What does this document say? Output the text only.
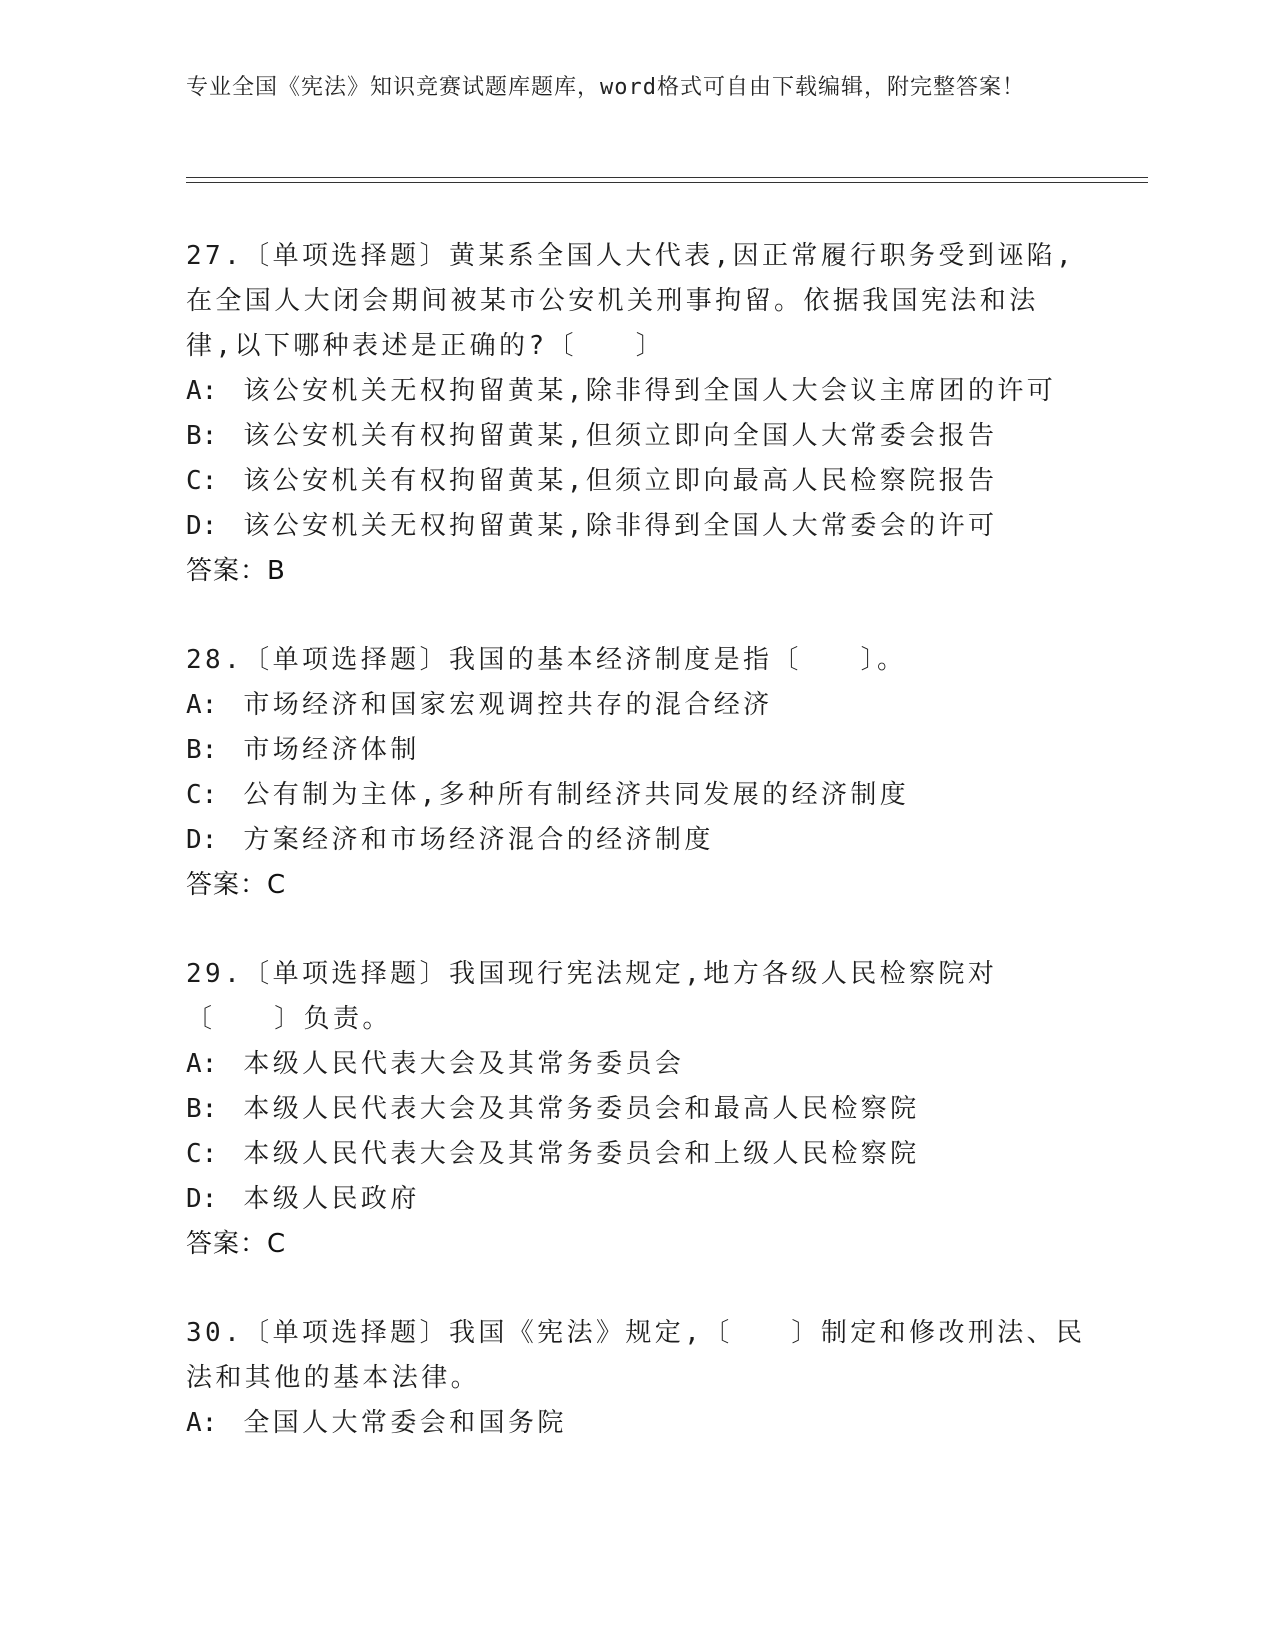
专业全国《宪法》知识竞赛试题库题库，word格式可自由下载编辑，附完整答案！
27.〔单项选择题〕黄某系全国人大代表,因正常履行职务受到诬陷,在全国人大闭会期间被某市公安机关刑事拘留。依据我国宪法和法律,以下哪种表述是正确的?〔　　〕
A: 该公安机关无权拘留黄某,除非得到全国人大会议主席团的许可
B: 该公安机关有权拘留黄某,但须立即向全国人大常委会报告
C: 该公安机关有权拘留黄某,但须立即向最高人民检察院报告
D: 该公安机关无权拘留黄某,除非得到全国人大常委会的许可
答案：B
28.〔单项选择题〕我国的基本经济制度是指〔　　〕。
A: 市场经济和国家宏观调控共存的混合经济
B: 市场经济体制
C: 公有制为主体,多种所有制经济共同发展的经济制度
D: 方案经济和市场经济混合的经济制度
答案：C
29.〔单项选择题〕我国现行宪法规定,地方各级人民检察院对〔　　〕负责。
A: 本级人民代表大会及其常务委员会
B: 本级人民代表大会及其常务委员会和最高人民检察院
C: 本级人民代表大会及其常务委员会和上级人民检察院
D: 本级人民政府
答案：C
30.〔单项选择题〕我国《宪法》规定,〔　　〕制定和修改刑法、民法和其他的基本法律。
A: 全国人大常委会和国务院
